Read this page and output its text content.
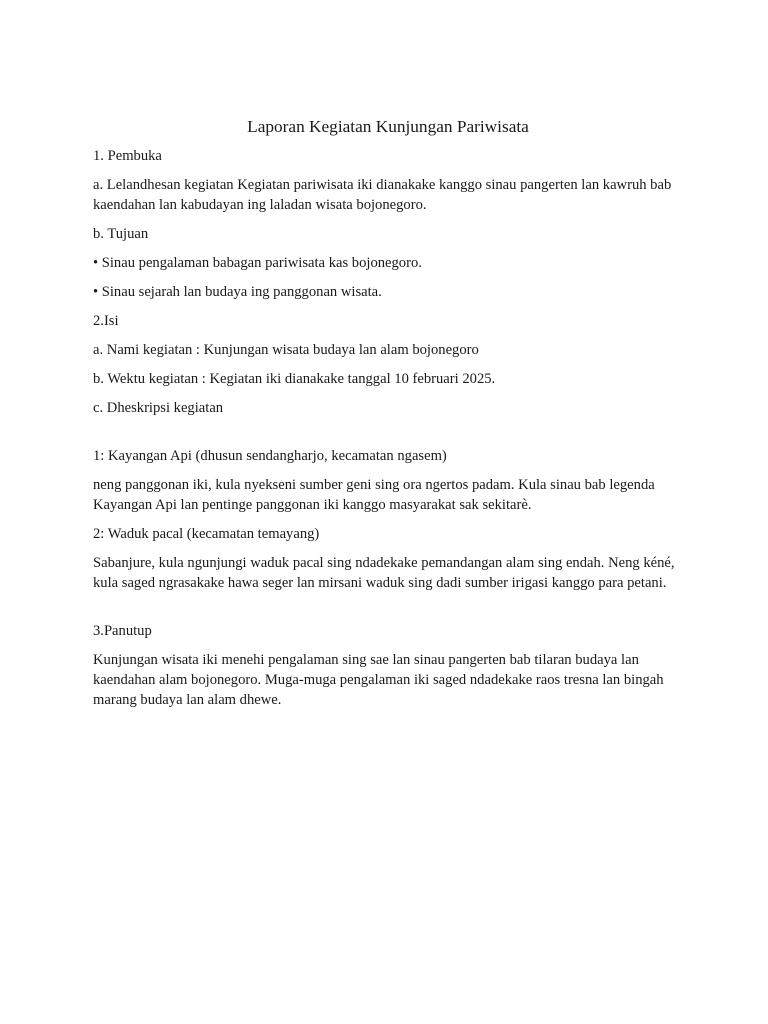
Laporan Kegiatan Kunjungan Pariwisata

1. Pembuka

a. Lelandhesan kegiatan Kegiatan pariwisata iki dianakake kanggo sinau pangerten lan kawruh bab kaendahan lan kabudayan ing laladan wisata bojonegoro.

b. Tujuan

• Sinau pengalaman babagan pariwisata kas bojonegoro.

• Sinau sejarah lan budaya ing panggonan wisata.

2.Isi

a. Nami kegiatan : Kunjungan wisata budaya lan alam bojonegoro

b. Wektu kegiatan : Kegiatan iki dianakake tanggal 10 februari 2025.

c. Dheskripsi kegiatan

1: Kayangan Api (dhusun sendangharjo, kecamatan ngasem)

neng panggonan iki, kula nyekseni sumber geni sing ora ngertos padam. Kula sinau bab legenda Kayangan Api lan pentinge panggonan iki kanggo masyarakat sak sekitarè.

2: Waduk pacal (kecamatan temayang)

Sabanjure, kula ngunjungi waduk pacal sing ndadekake pemandangan alam sing endah. Neng kéné, kula saged ngrasakake hawa seger lan mirsani waduk sing dadi sumber irigasi kanggo para petani.

3.Panutup

Kunjungan wisata iki menehi pengalaman sing sae lan sinau pangerten bab tilaran budaya lan kaendahan alam bojonegoro. Muga-muga pengalaman iki saged ndadekake raos tresna lan bingah marang budaya lan alam dhewe.
